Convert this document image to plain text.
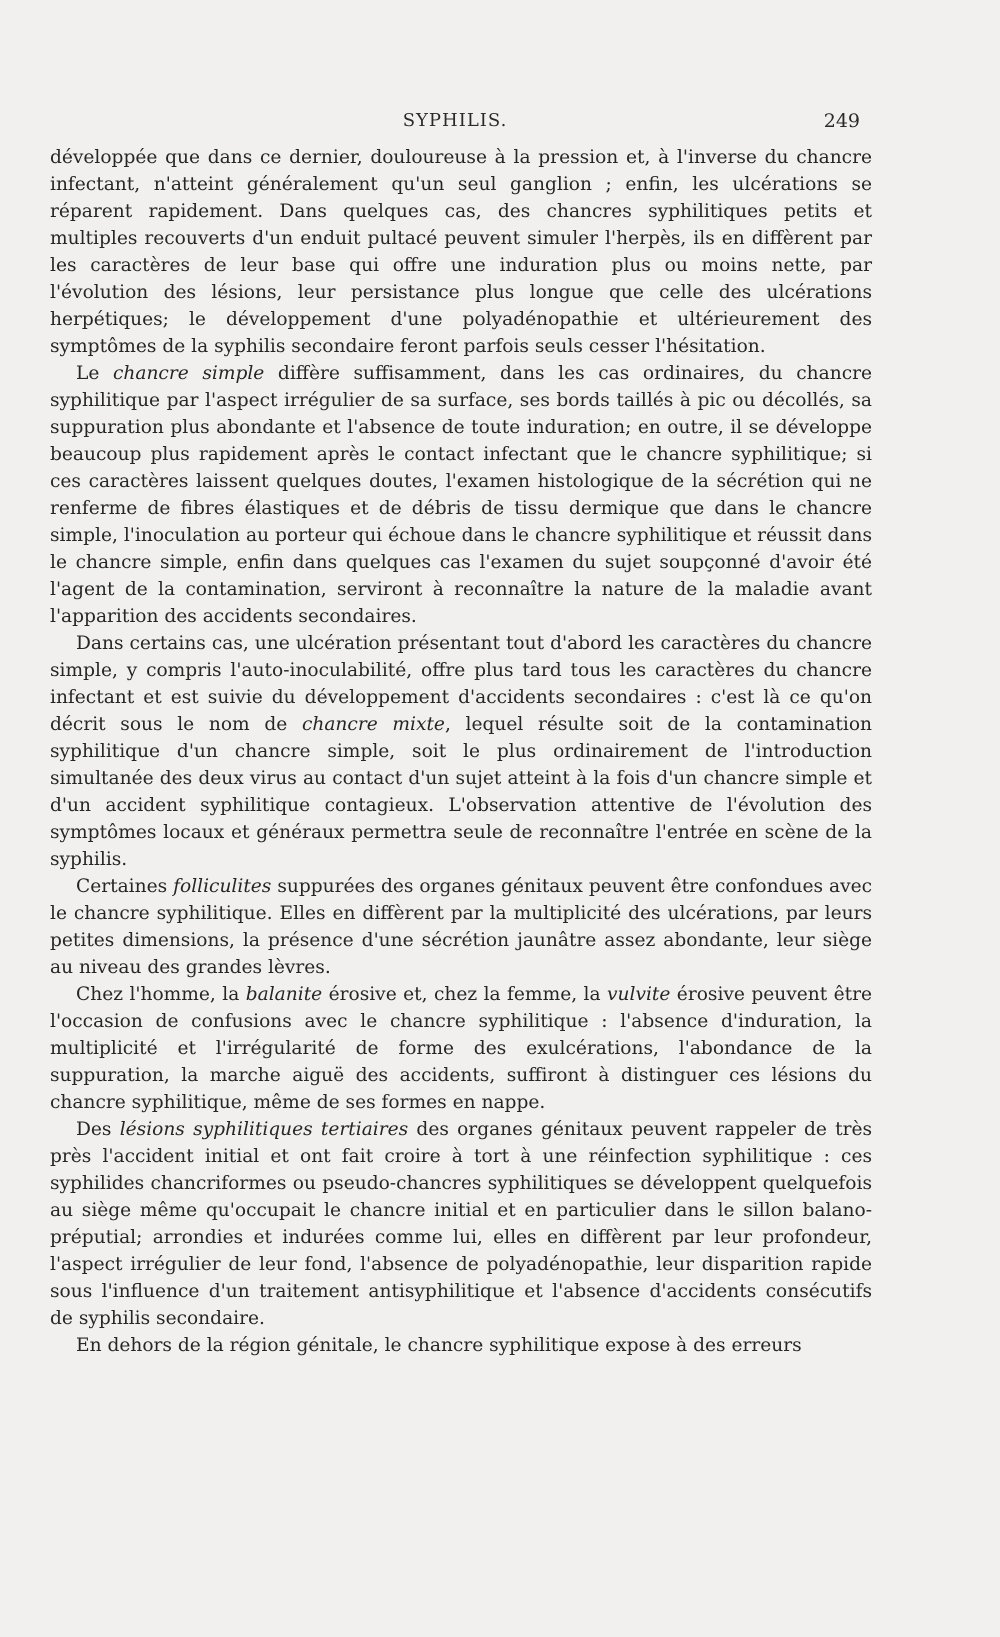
SYPHILIS.	249

développée que dans ce dernier, douloureuse à la pression et, à l'inverse du chancre infectant, n'atteint généralement qu'un seul ganglion ; enfin, les ulcérations se réparent rapidement. Dans quelques cas, des chancres syphilitiques petits et multiples recouverts d'un enduit pultacé peuvent simuler l'herpès, ils en diffèrent par les caractères de leur base qui offre une induration plus ou moins nette, par l'évolution des lésions, leur persistance plus longue que celle des ulcérations herpétiques; le développement d'une polyadénopathie et ultérieurement des symptômes de la syphilis secondaire feront parfois seuls cesser l'hésitation.

Le chancre simple diffère suffisamment, dans les cas ordinaires, du chancre syphilitique par l'aspect irrégulier de sa surface, ses bords taillés à pic ou décollés, sa suppuration plus abondante et l'absence de toute induration; en outre, il se développe beaucoup plus rapidement après le contact infectant que le chancre syphilitique; si ces caractères laissent quelques doutes, l'examen histologique de la sécrétion qui ne renferme de fibres élastiques et de débris de tissu dermique que dans le chancre simple, l'inoculation au porteur qui échoue dans le chancre syphilitique et réussit dans le chancre simple, enfin dans quelques cas l'examen du sujet soupçonné d'avoir été l'agent de la contamination, serviront à reconnaître la nature de la maladie avant l'apparition des accidents secondaires.

Dans certains cas, une ulcération présentant tout d'abord les caractères du chancre simple, y compris l'auto-inoculabilité, offre plus tard tous les caractères du chancre infectant et est suivie du développement d'accidents secondaires : c'est là ce qu'on décrit sous le nom de chancre mixte, lequel résulte soit de la contamination syphilitique d'un chancre simple, soit le plus ordinairement de l'introduction simultanée des deux virus au contact d'un sujet atteint à la fois d'un chancre simple et d'un accident syphilitique contagieux. L'observation attentive de l'évolution des symptômes locaux et généraux permettra seule de reconnaître l'entrée en scène de la syphilis.

Certaines folliculites suppurées des organes génitaux peuvent être confondues avec le chancre syphilitique. Elles en diffèrent par la multiplicité des ulcérations, par leurs petites dimensions, la présence d'une sécrétion jaunâtre assez abondante, leur siège au niveau des grandes lèvres.

Chez l'homme, la balanite érosive et, chez la femme, la vulvite érosive peuvent être l'occasion de confusions avec le chancre syphilitique : l'absence d'induration, la multiplicité et l'irrégularité de forme des exulcérations, l'abondance de la suppuration, la marche aiguë des accidents, suffiront à distinguer ces lésions du chancre syphilitique, même de ses formes en nappe.

Des lésions syphilitiques tertiaires des organes génitaux peuvent rappeler de très près l'accident initial et ont fait croire à tort à une réinfection syphilitique : ces syphilides chancriformes ou pseudo-chancres syphilitiques se développent quelquefois au siège même qu'occupait le chancre initial et en particulier dans le sillon balano-préputial; arrondies et indurées comme lui, elles en diffèrent par leur profondeur, l'aspect irrégulier de leur fond, l'absence de polyadénopathie, leur disparition rapide sous l'influence d'un traitement antisyphilitique et l'absence d'accidents consécutifs de syphilis secondaire.

En dehors de la région génitale, le chancre syphilitique expose à des erreurs
